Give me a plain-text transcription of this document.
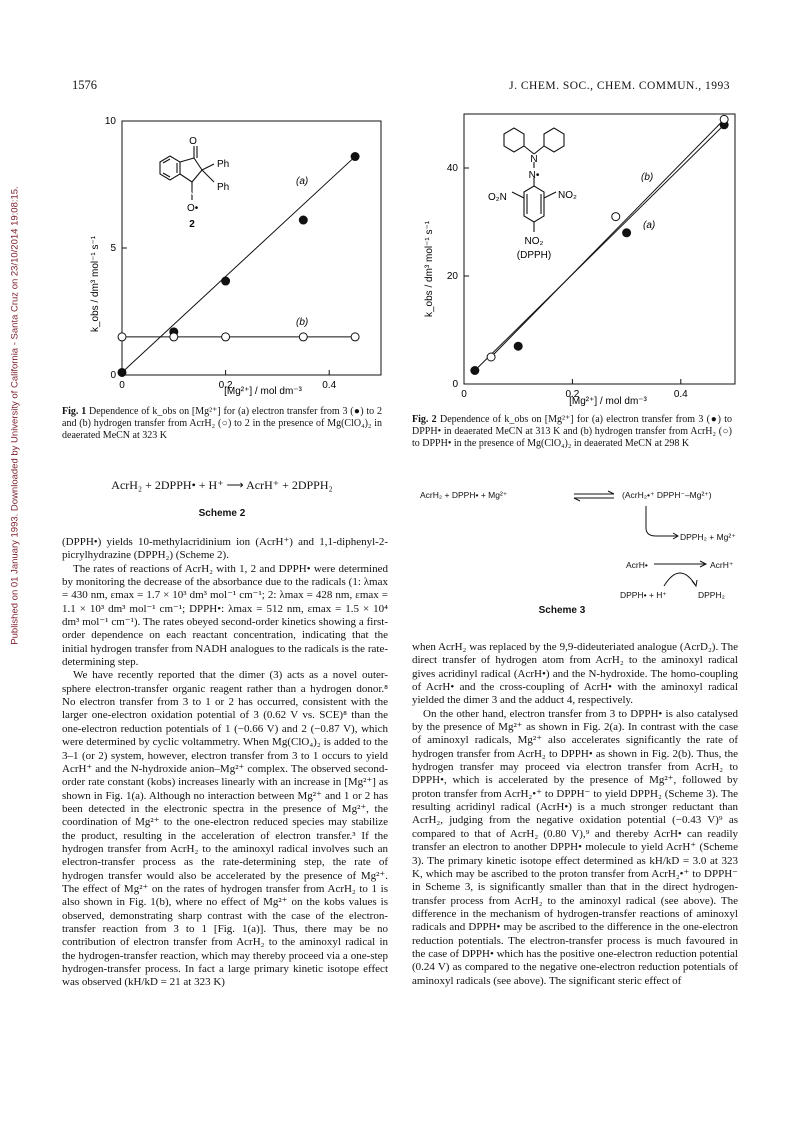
1576	J. CHEM. SOC., CHEM. COMMUN., 1993
Published on 01 January 1993. Downloaded by University of California - Santa Cruz on 23/10/2014 19:08:15.	0	0.2	0.4
0
5
10
O
Ph
Ph
N
O•
2
(a)
(b)
[Mg²⁺] / mol dm⁻³
k_obs / dm³ mol⁻¹ s⁻¹
Fig. 1 Dependence of k_obs on [Mg²⁺] for (a) electron transfer from 3 (●) to 2 and (b) hydrogen transfer from AcrH₂ (○) to 2 in the presence of Mg(ClO₄)₂ in deaerated MeCN at 323 K
0	0.2	0.4
0
20
40
N
N•
O₂N	NO₂
NO₂
(DPPH)
(b)
(a)
[Mg²⁺] / mol dm⁻³
k_obs / dm³ mol⁻¹ s⁻¹
Fig. 2 Dependence of k_obs on [Mg²⁺] for (a) electron transfer from 3 (●) to DPPH• in deaerated MeCN at 313 K and (b) hydrogen transfer from AcrH₂ (○) to DPPH• in the presence of Mg(ClO₄)₂ in deaerated MeCN at 298 K
AcrH₂ + 2DPPH• + H⁺ ⟶ AcrH⁺ + 2DPPH₂
Scheme 2
AcrH₂ + DPPH• + Mg²⁺	(AcrH₂•⁺ DPPH⁻–Mg²⁺)
DPPH₂ + Mg²⁺
AcrH•	AcrH⁺
DPPH• + H⁺	DPPH₂
Scheme 3

(DPPH•) yields 10-methylacridinium ion (AcrH⁺) and 1,1-diphenyl-2-picrylhydrazine (DPPH₂) (Scheme 2).

The rates of reactions of AcrH₂ with 1, 2 and DPPH• were determined by monitoring the decrease of the absorbance due to the radicals (1: λmax = 430 nm, εmax = 1.7 × 10³ dm³ mol⁻¹ cm⁻¹; 2: λmax = 428 nm, εmax = 1.1 × 10³ dm³ mol⁻¹ cm⁻¹; DPPH•: λmax = 512 nm, εmax = 1.5 × 10⁴ dm³ mol⁻¹ cm⁻¹). The rates obeyed second-order kinetics showing a first-order dependence on each reactant concentration, indicating that the initial hydrogen transfer from NADH analogues to the radicals is the rate-determining step.

We have recently reported that the dimer (3) acts as a novel outer-sphere electron-transfer organic reagent rather than a hydrogen donor.⁸ No electron transfer from 3 to 1 or 2 has occurred, consistent with the larger one-electron oxidation potential of 3 (0.62 V vs. SCE)⁸ than the one-electron reduction potentials of 1 (−0.66 V) and 2 (−0.87 V), which were determined by cyclic voltammetry. When Mg(ClO₄)₂ is added to the 3–1 (or 2) system, however, electron transfer from 3 to 1 occurs to yield AcrH⁺ and the N-hydroxide anion–Mg²⁺ complex. The observed second-order rate constant (kobs) increases linearly with an increase in [Mg²⁺] as shown in Fig. 1(a). Although no interaction between Mg²⁺ and 1 or 2 has been detected in the electronic spectra in the presence of Mg²⁺, the coordination of Mg²⁺ to the one-electron reduced species may stabilize the product, resulting in the acceleration of electron transfer.³ If the hydrogen transfer from AcrH₂ to the aminoxyl radical involves such an electron-transfer process as the rate-determining step, the rate of hydrogen transfer would also be accelerated by the presence of Mg²⁺. The effect of Mg²⁺ on the rates of hydrogen transfer from AcrH₂ to 1 is also shown in Fig. 1(b), where no effect of Mg²⁺ on the kobs values is observed, demonstrating sharp contrast with the case of the electron-transfer reaction from 3 to 1 [Fig. 1(a)]. Thus, there may be no contribution of electron transfer from AcrH₂ to the aminoxyl radical in the hydrogen-transfer reaction, which may thereby proceed via a one-step hydrogen-transfer process. In fact a large primary kinetic isotope effect was observed (kH/kD = 21 at 323 K)

when AcrH₂ was replaced by the 9,9-dideuteriated analogue (AcrD₂). The direct transfer of hydrogen atom from AcrH₂ to the aminoxyl radical gives acridinyl radical (AcrH•) and the N-hydroxide. The homo-coupling of AcrH• and the cross-coupling of AcrH• with the aminoxyl radical yielded the dimer 3 and the adduct 4, respectively.

On the other hand, electron transfer from 3 to DPPH• is also catalysed by the presence of Mg²⁺ as shown in Fig. 2(a). In contrast with the case of aminoxyl radicals, Mg²⁺ also accelerates significantly the rate of hydrogen transfer from AcrH₂ to DPPH• as shown in Fig. 2(b). Thus, the hydrogen transfer may proceed via electron transfer from AcrH₂ to DPPH•, which is accelerated by the presence of Mg²⁺, followed by proton transfer from AcrH₂•⁺ to DPPH⁻ to yield DPPH₂ (Scheme 3). The resulting acridinyl radical (AcrH•) is a much stronger reductant than AcrH₂, judging from the negative oxidation potential (−0.43 V)⁹ as compared to that of AcrH₂ (0.80 V),⁹ and thereby AcrH• can readily transfer an electron to another DPPH• molecule to yield AcrH⁺ (Scheme 3). The primary kinetic isotope effect determined as kH/kD = 3.0 at 323 K, which may be ascribed to the proton transfer from AcrH₂•⁺ to DPPH⁻ in Scheme 3, is significantly smaller than that in the direct hydrogen-transfer process from AcrH₂ to the aminoxyl radical (see above). The difference in the mechanism of hydrogen-transfer reactions of aminoxyl radicals and DPPH• may be ascribed to the difference in the one-electron reduction potentials. The electron-transfer process is much favoured in the case of DPPH• which has the positive one-electron reduction potential (0.24 V) as compared to the negative one-electron reduction potentials of aminoxyl radicals (see above). The significant steric effect of
